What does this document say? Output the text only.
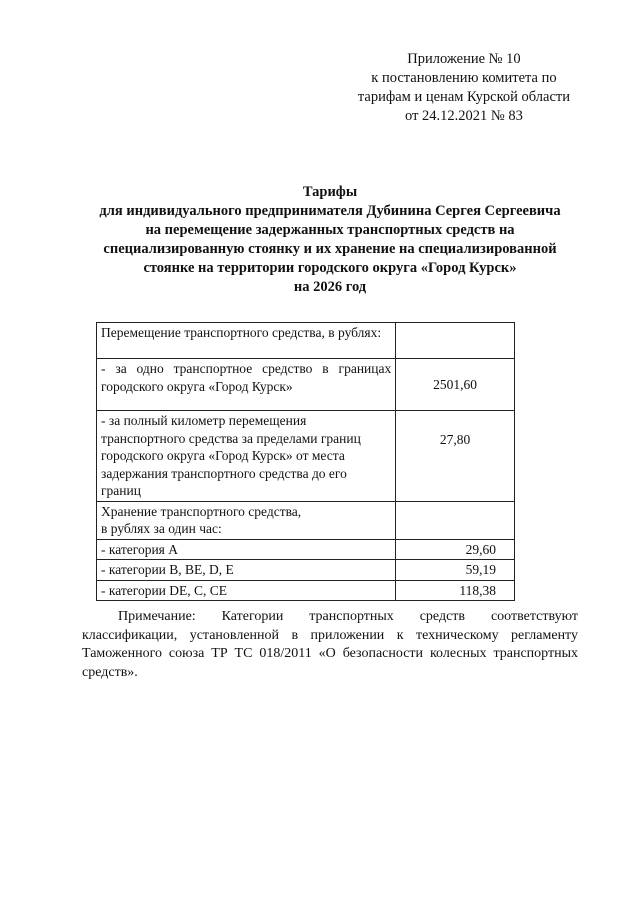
Приложение № 10
к постановлению комитета по
тарифам и ценам Курской области
от 24.12.2021 № 83
Тарифы
для индивидуального предпринимателя Дубинина Сергея Сергеевича
на перемещение задержанных транспортных средств на
специализированную стоянку и их хранение на специализированной
стоянке на территории городского округа «Город Курск»
на 2026 год
Перемещение транспортного средства, в рублях:	

- за одно транспортное средство в границах
городского округа «Город Курск»	2501,60

- за полный километр перемещения
транспортного средства за пределами границ
городского округа «Город Курск» от места
задержания транспортного средства до его
границ	27,80

Хранение транспортного средства,
в рублях за один час:	

- категория А	29,60
- категории В, ВЕ, D, Е	59,19
- категории DE, С, СЕ	118,38
Примечание: Категории транспортных средств соответствуют
классификации, установленной в приложении к техническому регламенту
Таможенного союза ТР ТС 018/2011 «О безопасности колесных транспортных
средств».
